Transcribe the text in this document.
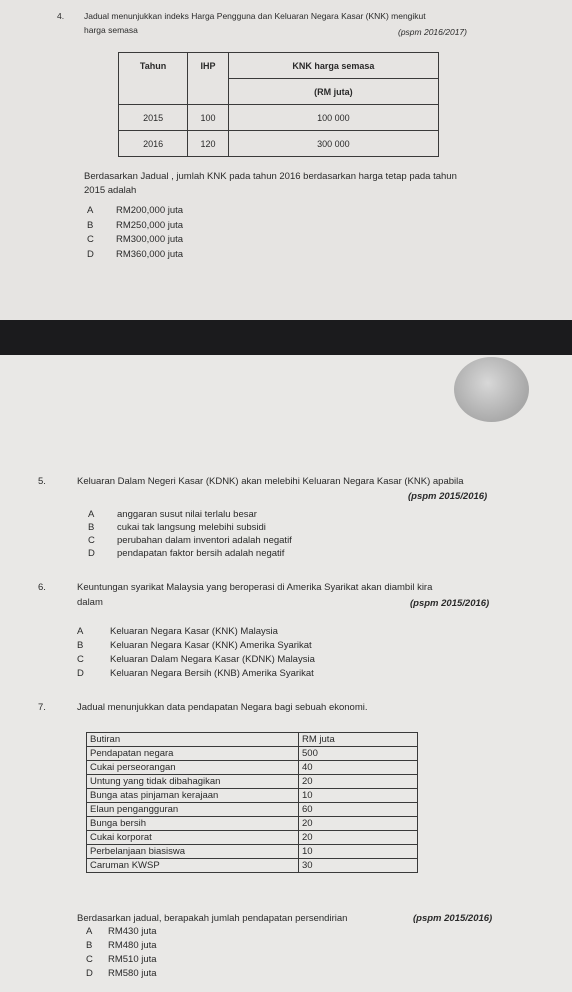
4. Jadual menunjukkan indeks Harga Pengguna dan Keluaran Negara Kasar (KNK) mengikut
harga semasa	(pspm 2016/2017)
Tahun	IHP	KNK harga semasa
		(RM juta)
2015	100	100 000
2016	120	300 000
Berdasarkan Jadual , jumlah KNK pada tahun 2016 berdasarkan harga tetap pada tahun
2015 adalah
A RM200,000 juta
B RM250,000 juta
C RM300,000 juta
D RM360,000 juta
5.	Keluaran Dalam Negeri Kasar (KDNK) akan melebihi Keluaran Negara Kasar (KNK) apabila
(pspm 2015/2016)
A anggaran susut nilai terlalu besar
B cukai tak langsung melebihi subsidi
C perubahan dalam inventori adalah negatif
D pendapatan faktor bersih adalah negatif
6.	Keuntungan syarikat Malaysia yang beroperasi di Amerika Syarikat akan diambil kira
dalam	(pspm 2015/2016)
A	Keluaran Negara Kasar (KNK) Malaysia
B	Keluaran Negara Kasar (KNK) Amerika Syarikat
C	Keluaran Dalam Negara Kasar (KDNK) Malaysia
D	Keluaran Negara Bersih (KNB) Amerika Syarikat
7.	Jadual menunjukkan data pendapatan Negara bagi sebuah ekonomi.
Butiran	RM juta
Pendapatan negara	500
Cukai perseorangan	40
Untung yang tidak dibahagikan	20
Bunga atas pinjaman kerajaan	10
Elaun pengangguran	60
Bunga bersih	20
Cukai korporat	20
Perbelanjaan biasiswa	10
Caruman KWSP	30
Berdasarkan jadual, berapakah jumlah pendapatan persendirian	(pspm 2015/2016)
A RM430 juta
B RM480 juta
C RM510 juta
D RM580 juta
